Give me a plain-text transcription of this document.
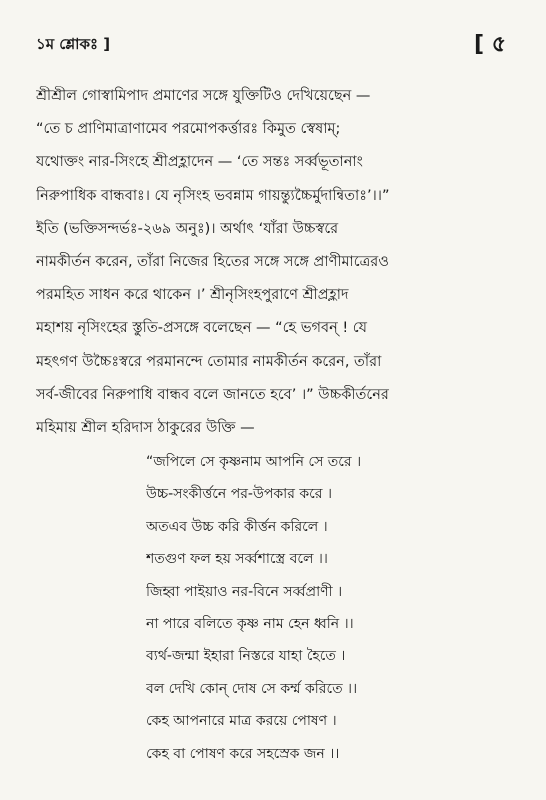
১ম শ্লোকঃ ]	[ ৫
শ্রীশ্রীল গোস্বামিপাদ প্রমাণের সঙ্গে যুক্তিটিও দেখিয়েছেন —
“তে চ প্রাণিমাত্রাণামেব পরমোপকর্ত্তারঃ কিমুত স্বেষাম্;
যথোক্তং নার-সিংহে শ্রীপ্রহ্লাদেন — ‘তে সন্তঃ সর্ব্বভূতানাং
নিরুপাধিক বান্ধবাঃ। যে নৃসিংহ ভবন্নাম গায়ন্ত্যুচ্চৈর্মুদান্বিতাঃ’।।”
ইতি (ভক্তিসন্দর্ভঃ-২৬৯ অনুঃ)। অর্থাৎ ‘যাঁরা উচ্চস্বরে
নামকীর্তন করেন, তাঁরা নিজের হিতের সঙ্গে সঙ্গে প্রাণীমাত্রেরও
পরমহিত সাধন করে থাকেন ।’ শ্রীনৃসিংহপুরাণে শ্রীপ্রহ্লাদ
মহাশয় নৃসিংহের স্তুতি-প্রসঙ্গে বলেছেন — “হে ভগবন্ ! যে
মহৎগণ উচ্চৈঃস্বরে পরমানন্দে তোমার নামকীর্তন করেন, তাঁরা
সর্ব-জীবের নিরুপাধি বান্ধব বলে জানতে হবে’ ।” উচ্চকীর্তনের
মহিমায় শ্রীল হরিদাস ঠাকুরের উক্তি —
“জপিলে সে কৃষ্ণনাম আপনি সে তরে ।
উচ্চ-সংকীর্ত্তনে পর-উপকার করে ।
অতএব উচ্চ করি কীর্ত্তন করিলে ।
শতগুণ ফল হয় সর্ব্বশাস্ত্রে বলে ।।
জিহ্বা পাইয়াও নর-বিনে সর্ব্বপ্রাণী ।
না পারে বলিতে কৃষ্ণ নাম হেন ধ্বনি ।।
ব্যর্থ-জন্মা ইহারা নিস্তরে যাহা হৈতে ।
বল দেখি কোন্ দোষ সে কর্ম্ম করিতে ।।
কেহ আপনারে মাত্র করয়ে পোষণ ।
কেহ বা পোষণ করে সহস্রেক জন ।।
